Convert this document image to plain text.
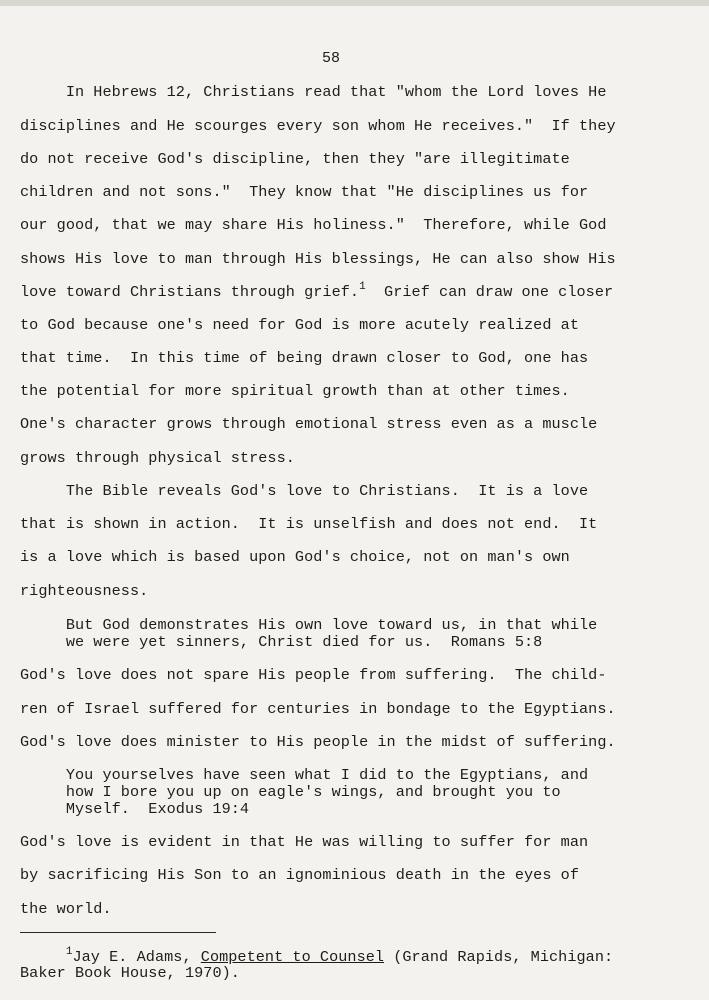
58
In Hebrews 12, Christians read that "whom the Lord loves He
disciplines and He scourges every son whom He receives."  If they
do not receive God's discipline, then they "are illegitimate
children and not sons."  They know that "He disciplines us for
our good, that we may share His holiness."  Therefore, while God
shows His love to man through His blessings, He can also show His
love toward Christians through grief.$^1$  Grief can draw one closer
to God because one's need for God is more acutely realized at
that time.  In this time of being drawn closer to God, one has
the potential for more spiritual growth than at other times.
One's character grows through emotional stress even as a muscle
grows through physical stress.
The Bible reveals God's love to Christians.  It is a love
that is shown in action.  It is unselfish and does not end.  It
is a love which is based upon God's choice, not on man's own
righteousness.
But God demonstrates His own love toward us, in that while
we were yet sinners, Christ died for us.  Romans 5:8
God's love does not spare His people from suffering.  The child-
ren of Israel suffered for centuries in bondage to the Egyptians.
God's love does minister to His people in the midst of suffering.
You yourselves have seen what I did to the Egyptians, and
how I bore you up on eagle's wings, and brought you to
Myself.  Exodus 19:4
God's love is evident in that He was willing to suffer for man
by sacrificing His Son to an ignominious death in the eyes of
the world.
$^1$Jay E. Adams, Competent to Counsel (Grand Rapids, Michigan:
Baker Book House, 1970).
